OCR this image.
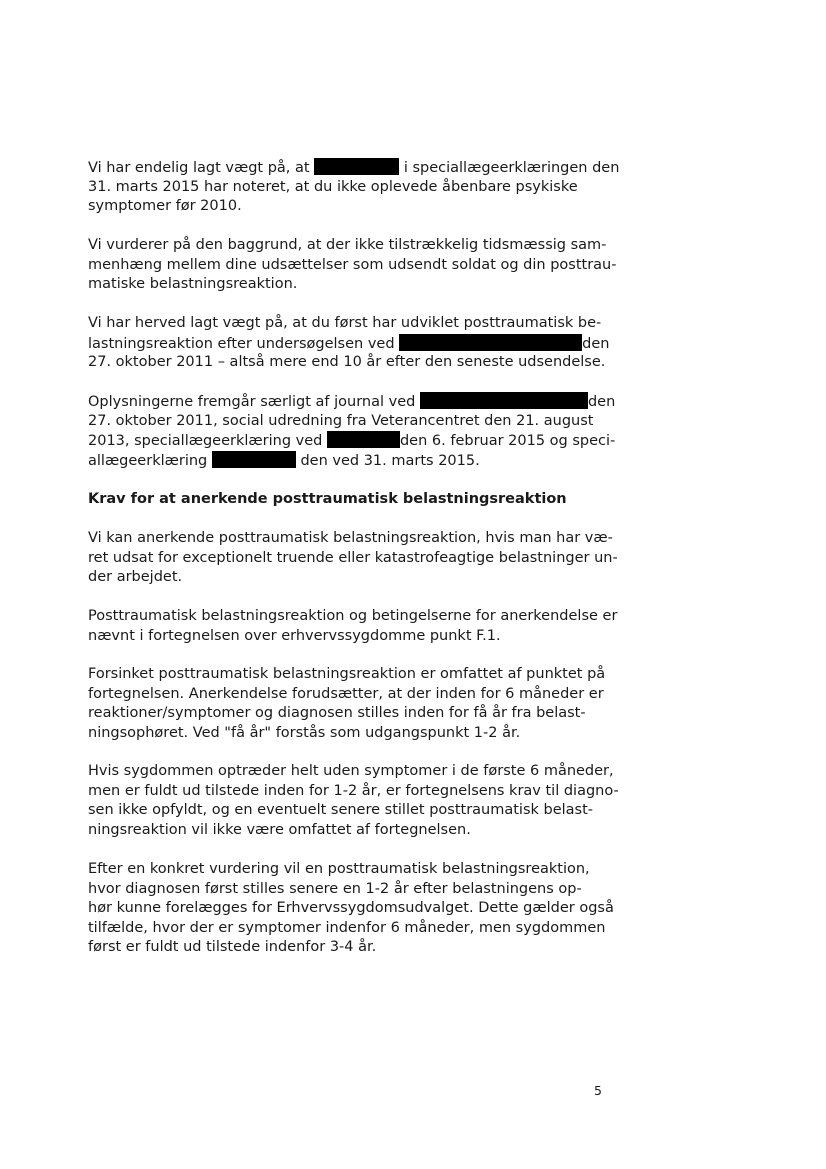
Vi har endelig lagt vægt på, at	i speciallægeerklæringen den
31. marts 2015 har noteret, at du ikke oplevede åbenbare psykiske
symptomer før 2010.
Vi vurderer på den baggrund, at der ikke tilstrækkelig tidsmæssig sam-
menhæng mellem dine udsættelser som udsendt soldat og din posttrau-
matiske belastningsreaktion.
Vi har herved lagt vægt på, at du først har udviklet posttraumatisk be-
lastningsreaktion efter undersøgelsen ved	den
27. oktober 2011 – altså mere end 10 år efter den seneste udsendelse.
Oplysningerne fremgår særligt af journal ved	den
27. oktober 2011, social udredning fra Veterancentret den 21. august
2013, speciallægeerklæring ved	den 6. februar 2015 og speci-
allægeerklæring	den ved 31. marts 2015.
Krav for at anerkende posttraumatisk belastningsreaktion
Vi kan anerkende posttraumatisk belastningsreaktion, hvis man har væ-
ret udsat for exceptionelt truende eller katastrofeagtige belastninger un-
der arbejdet.
Posttraumatisk belastningsreaktion og betingelserne for anerkendelse er
nævnt i fortegnelsen over erhvervssygdomme punkt F.1.
Forsinket posttraumatisk belastningsreaktion er omfattet af punktet på
fortegnelsen. Anerkendelse forudsætter, at der inden for 6 måneder er
reaktioner/symptomer og diagnosen stilles inden for få år fra belast-
ningsophøret. Ved "få år" forstås som udgangspunkt 1-2 år.
Hvis sygdommen optræder helt uden symptomer i de første 6 måneder,
men er fuldt ud tilstede inden for 1-2 år, er fortegnelsens krav til diagno-
sen ikke opfyldt, og en eventuelt senere stillet posttraumatisk belast-
ningsreaktion vil ikke være omfattet af fortegnelsen.
Efter en konkret vurdering vil en posttraumatisk belastningsreaktion,
hvor diagnosen først stilles senere en 1-2 år efter belastningens op-
hør kunne forelægges for Erhvervssygdomsudvalget. Dette gælder også
tilfælde, hvor der er symptomer indenfor 6 måneder, men sygdommen
først er fuldt ud tilstede indenfor 3-4 år.
5
